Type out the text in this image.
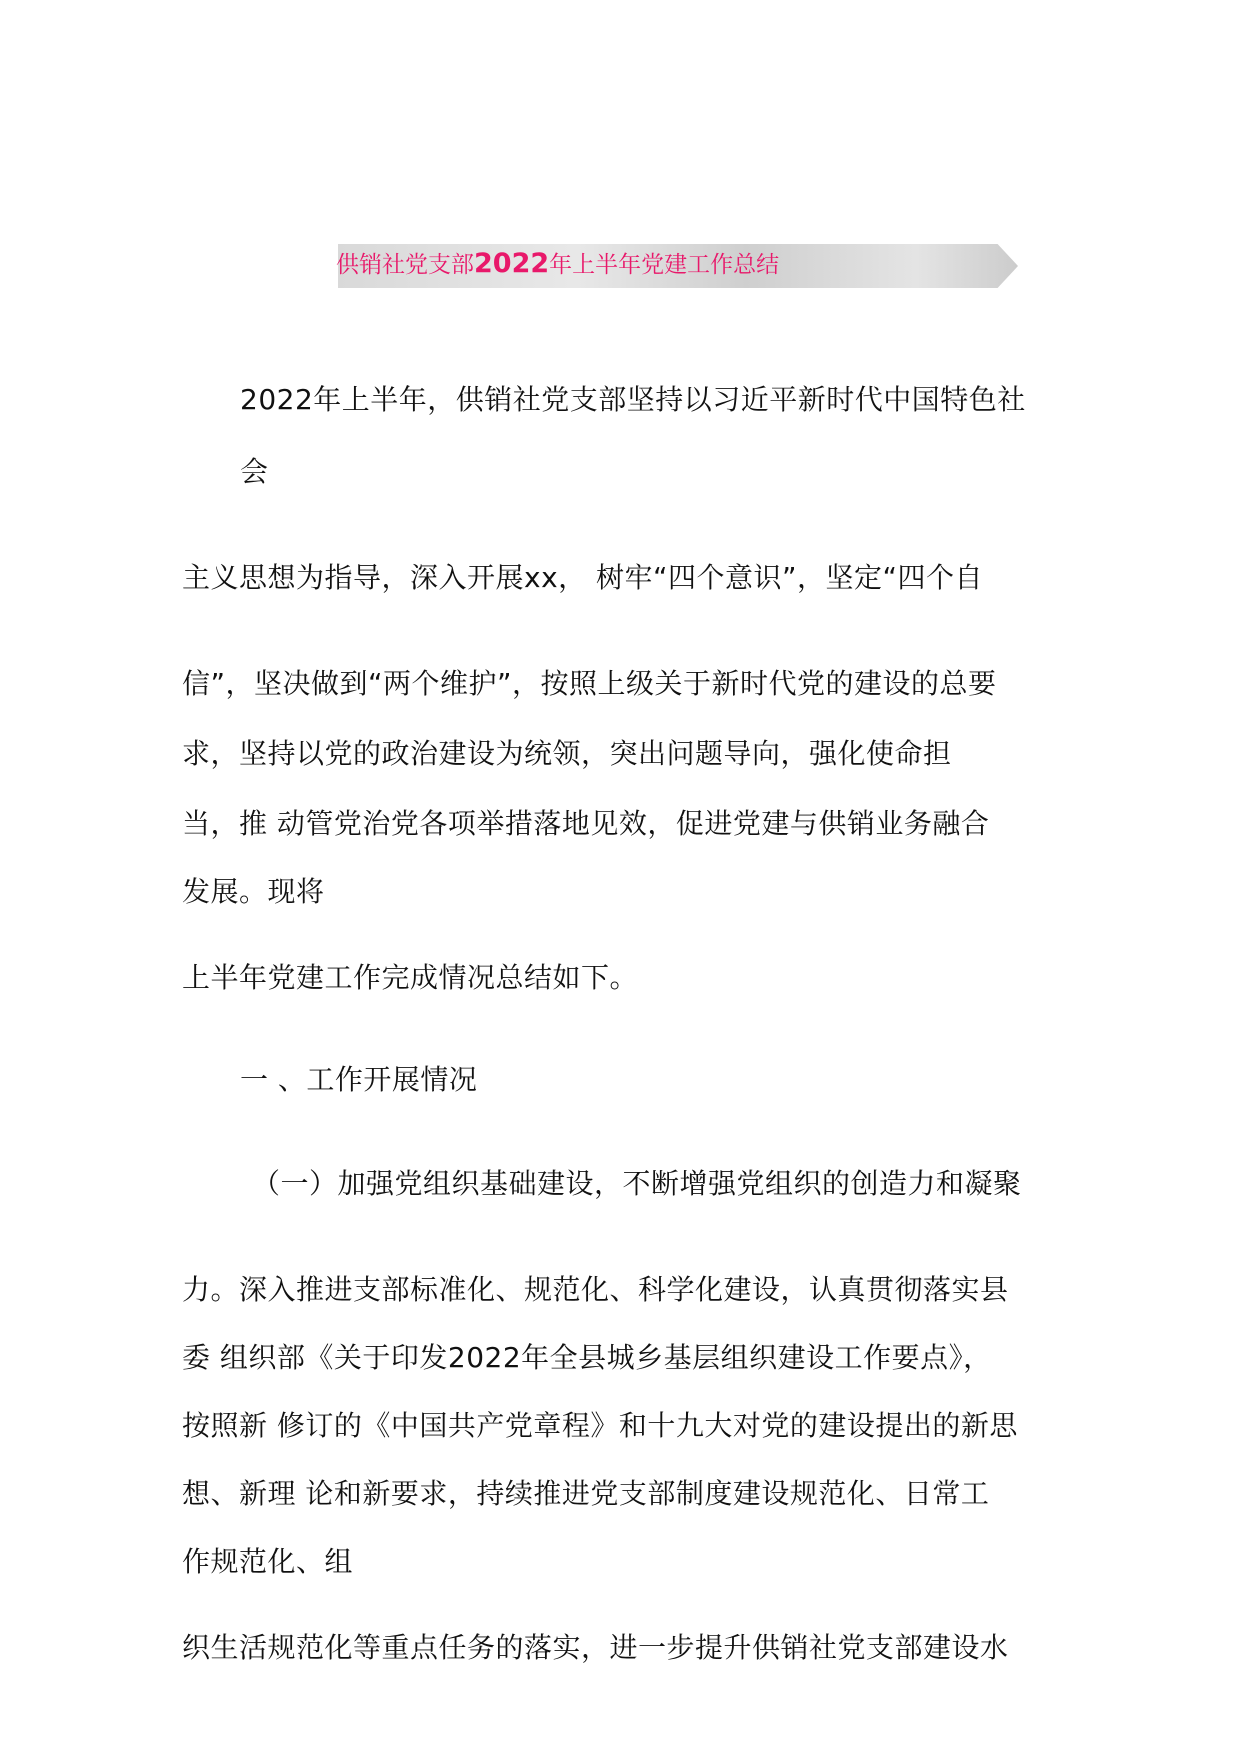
供销社党支部2022年上半年党建工作总结
2022年上半年，供销社党支部坚持以习近平新时代中国特色社
会
主义思想为指导，深入开展xx， 树牢“四个意识”，坚定“四个自
信”，坚决做到“两个维护”，按照上级关于新时代党的建设的总要
求，坚持以党的政治建设为统领，突出问题导向，强化使命担
当，推 动管党治党各项举措落地见效，促进党建与供销业务融合
发展。现将
上半年党建工作完成情况总结如下。
一 、工作开展情况
（一）加强党组织基础建设，不断增强党组织的创造力和凝聚
力。深入推进支部标准化、规范化、科学化建设，认真贯彻落实县
委 组织部《关于印发2022年全县城乡基层组织建设工作要点》，
按照新 修订的《中国共产党章程》和十九大对党的建设提出的新思
想、新理 论和新要求，持续推进党支部制度建设规范化、日常工
作规范化、组
织生活规范化等重点任务的落实，进一步提升供销社党支部建设水
